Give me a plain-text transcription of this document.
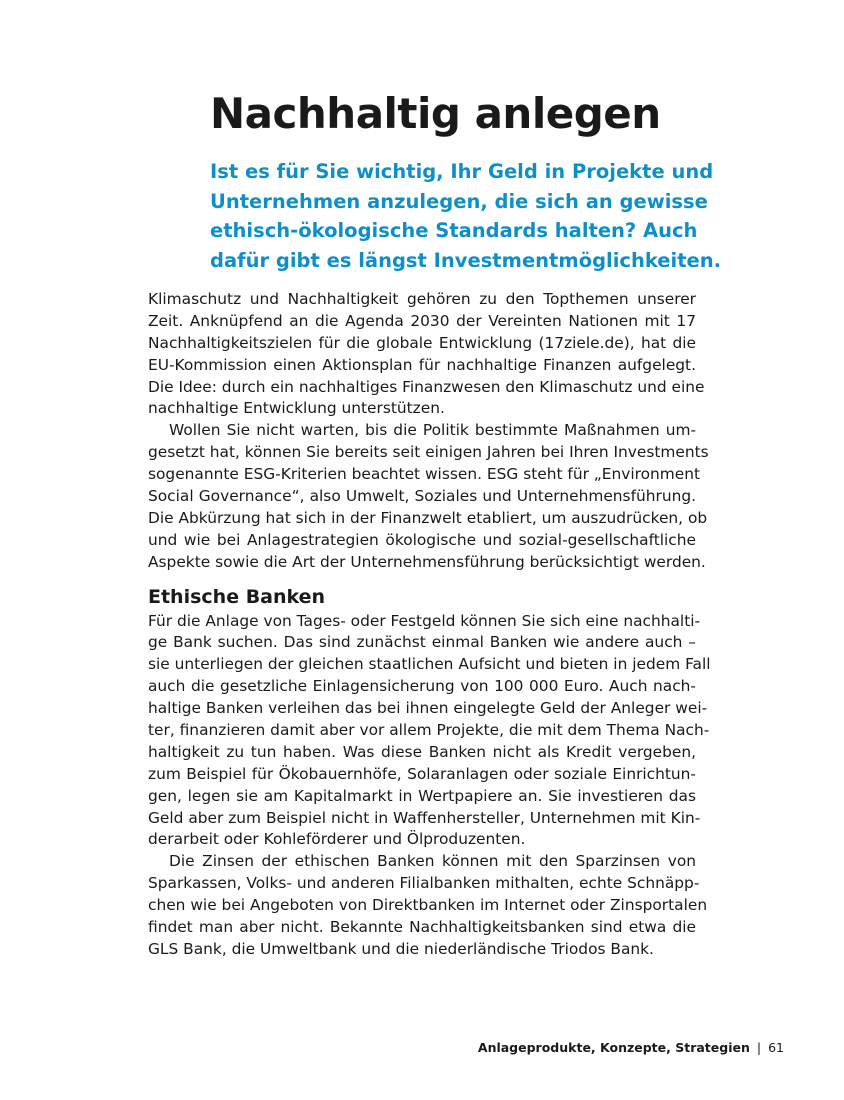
Nachhaltig anlegen
Ist es für Sie wichtig, Ihr Geld in Projekte und
Unternehmen anzulegen, die sich an gewisse
ethisch-ökologische Standards halten? Auch
dafür gibt es längst Investmentmöglichkeiten.

Klimaschutz und Nachhaltigkeit gehören zu den Topthemen unserer
Zeit. Anknüpfend an die Agenda 2030 der Vereinten Nationen mit 17
Nachhaltigkeitszielen für die globale Entwicklung (17ziele.de), hat die
EU-Kommission einen Aktionsplan für nachhaltige Finanzen aufgelegt.
Die Idee: durch ein nachhaltiges Finanzwesen den Klimaschutz und eine
nachhaltige Entwicklung unterstützen.

Wollen Sie nicht warten, bis die Politik bestimmte Maßnahmen um-
gesetzt hat, können Sie bereits seit einigen Jahren bei Ihren Investments
sogenannte ESG-Kriterien beachtet wissen. ESG steht für „Environment
Social Governance“, also Umwelt, Soziales und Unternehmensführung.
Die Abkürzung hat sich in der Finanzwelt etabliert, um auszudrücken, ob
und wie bei Anlagestrategien ökologische und sozial-gesellschaftliche
Aspekte sowie die Art der Unternehmensführung berücksichtigt werden.

Ethische Banken

Für die Anlage von Tages- oder Festgeld können Sie sich eine nachhalti-
ge Bank suchen. Das sind zunächst einmal Banken wie andere auch –
sie unterliegen der gleichen staatlichen Aufsicht und bieten in jedem Fall
auch die gesetzliche Einlagensicherung von 100 000 Euro. Auch nach-
haltige Banken verleihen das bei ihnen eingelegte Geld der Anleger wei-
ter, finanzieren damit aber vor allem Projekte, die mit dem Thema Nach-
haltigkeit zu tun haben. Was diese Banken nicht als Kredit vergeben,
zum Beispiel für Ökobauernhöfe, Solaranlagen oder soziale Einrichtun-
gen, legen sie am Kapitalmarkt in Wertpapiere an. Sie investieren das
Geld aber zum Beispiel nicht in Waffenhersteller, Unternehmen mit Kin-
derarbeit oder Kohleförderer und Ölproduzenten.

Die Zinsen der ethischen Banken können mit den Sparzinsen von
Sparkassen, Volks- und anderen Filialbanken mithalten, echte Schnäpp-
chen wie bei Angeboten von Direktbanken im Internet oder Zinsportalen
findet man aber nicht. Bekannte Nachhaltigkeitsbanken sind etwa die
GLS Bank, die Umweltbank und die niederländische Triodos Bank.

Anlageprodukte, Konzepte, Strategien | 61
